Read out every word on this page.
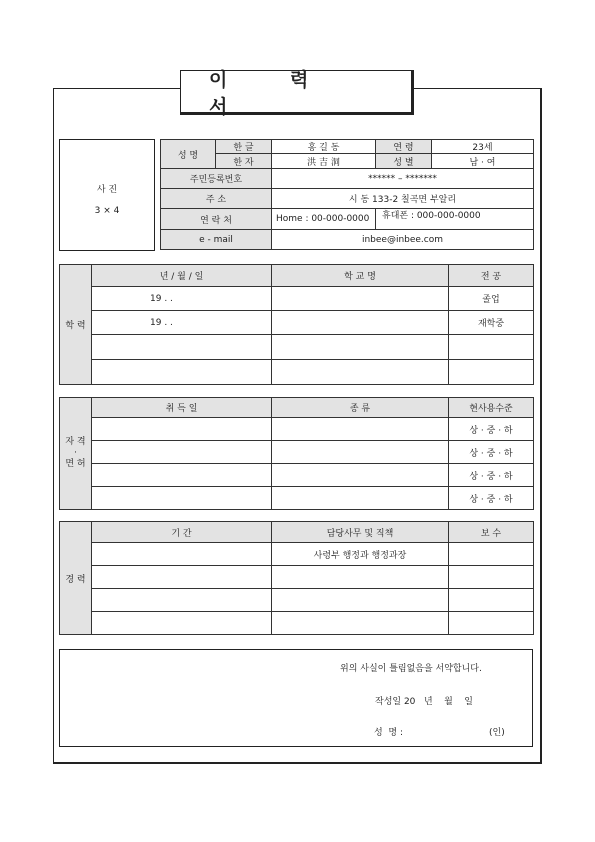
이 력 서
사 진
3 × 4
성 명	한 글	홍 길 동	연 령	23세
	한 자	洪 吉 洞	성 별	남 · 여
주민등록번호		****** – *******		
주 소		시 동 133-2 칠곡면 부알리		
연 락 처		Home : 00-000-0000	휴대폰 : 000-000-0000	
e - mail		inbee@inbee.com		
학 력	년 / 월 / 일	학 교 명	전 공
	19 . .		졸업
	19 . .		재학중

자 격
·
면 허	취 득 일	종 류	현사용수준
			상 · 중 · 하
			상 · 중 · 하
			상 · 중 · 하
			상 · 중 · 하
경 력	기 간	담당사무 및 직책	보 수
		사령부 행정과 행정과장	

위의 사실이 틀림없음을 서약합니다.
작성일 20   년    월    일
성  명 :	(인)
